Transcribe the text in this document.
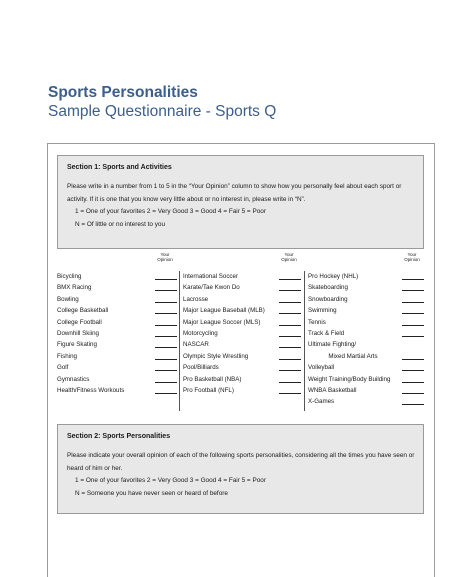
Sports Personalities
Sample Questionnaire - Sports Q
Section 1: Sports and Activities
Please write in a number from 1 to 5 in the “Your Opinion” column to show how you personally feel about each sport or activity. If it is one that you know very little about or no interest in, please write in “N”.
1 = One of your favorites 2 = Very Good 3 = Good 4 = Fair 5 = Poor
N = Of little or no interest to you
Your Opinion
Bicycling
BMX Racing
Bowling
College Basketball
College Football
Downhill Skiing
Figure Skating
Fishing
Golf
Gymnastics
Health/Fitness Workouts
Your Opinion
International Soccer
Karate/Tae Kwon Do
Lacrosse
Major League Baseball (MLB)
Major League Soccer (MLS)
Motorcycling
NASCAR
Olympic Style Wrestling
Pool/Billiards
Pro Basketball (NBA)
Pro Football (NFL)
Your Opinion
Pro Hockey (NHL)
Skateboarding
Snowboarding
Swimming
Tennis
Track & Field
Ultimate Fighting/
Mixed Martial Arts
Volleyball
Weight Training/Body Building
WNBA Basketball
X-Games
Section 2: Sports Personalities
Please indicate your overall opinion of each of the following sports personalities, considering all the times you have seen or heard of him or her.
1 = One of your favorites 2 = Very Good 3 = Good 4 = Fair 5 = Poor
N = Someone you have never seen or heard of before
